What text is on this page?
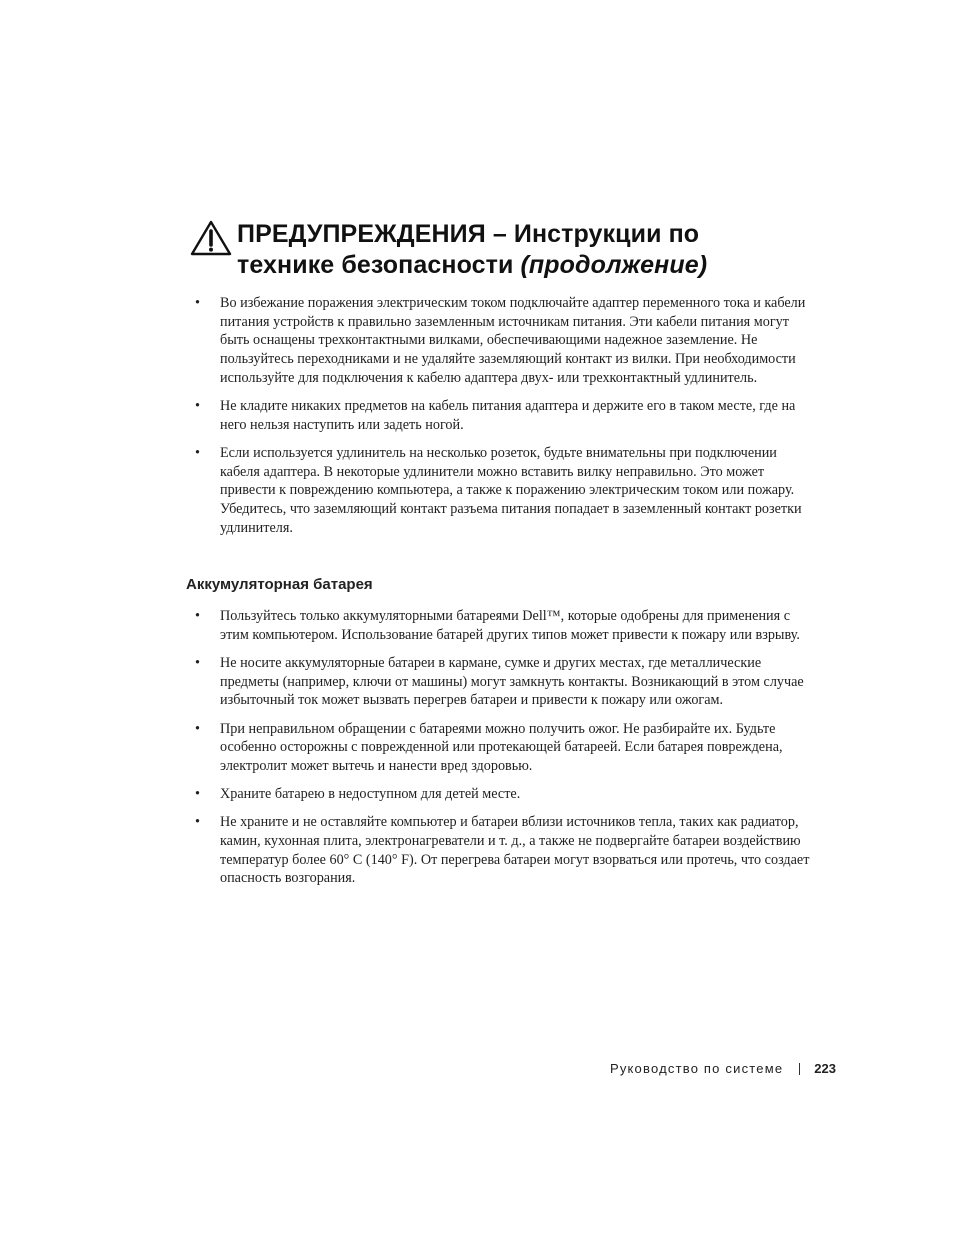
ПРЕДУПРЕЖДЕНИЯ – Инструкции по
технике безопасности (продолжение)
• Во избежание поражения электрическим током подключайте адаптер переменного тока и кабели питания устройств к правильно заземленным источникам питания. Эти кабели питания могут быть оснащены трехконтактными вилками, обеспечивающими надежное заземление. Не пользуйтесь переходниками и не удаляйте заземляющий контакт из вилки. При необходимости используйте для подключения к кабелю адаптера двух- или трехконтактный удлинитель.
• Не кладите никаких предметов на кабель питания адаптера и держите его в таком месте, где на него нельзя наступить или задеть ногой.
• Если используется удлинитель на несколько розеток, будьте внимательны при подключении кабеля адаптера. В некоторые удлинители можно вставить вилку неправильно. Это может привести к повреждению компьютера, а также к поражению электрическим током или пожару. Убедитесь, что заземляющий контакт разъема питания попадает в заземленный контакт розетки удлинителя.
Аккумуляторная батарея
• Пользуйтесь только аккумуляторными батареями Dell™, которые одобрены для применения с этим компьютером. Использование батарей других типов может привести к пожару или взрыву.
• Не носите аккумуляторные батареи в кармане, сумке и других местах, где металлические предметы (например, ключи от машины) могут замкнуть контакты. Возникающий в этом случае избыточный ток может вызвать перегрев батареи и привести к пожару или ожогам.
• При неправильном обращении с батареями можно получить ожог. Не разбирайте их. Будьте особенно осторожны с поврежденной или протекающей батареей. Если батарея повреждена, электролит может вытечь и нанести вред здоровью.
• Храните батарею в недоступном для детей месте.
• Не храните и не оставляйте компьютер и батареи вблизи источников тепла, таких как радиатор, камин, кухонная плита, электронагреватели и т. д., а также не подвергайте батареи воздействию температур более 60° C (140° F). От перегрева батареи могут взорваться или протечь, что создает опасность возгорания.
Руководство по системе 223
